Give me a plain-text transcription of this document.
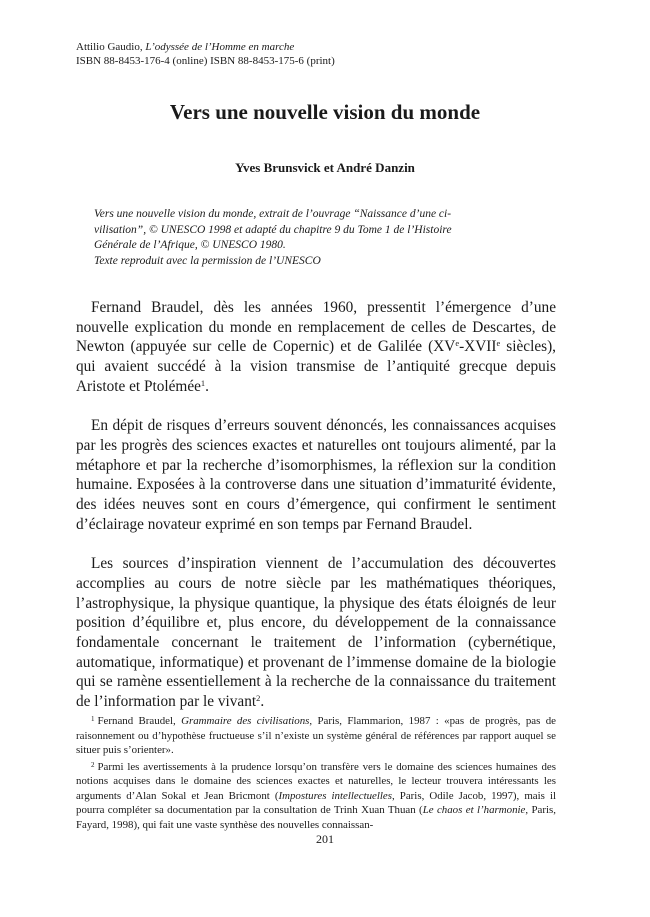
Attilio Gaudio, L’odyssée de l’Homme en marche
ISBN 88-8453-176-4 (online) ISBN 88-8453-175-6 (print)
Vers une nouvelle vision du monde
Yves Brunsvick et André Danzin
Vers une nouvelle vision du monde, extrait de l’ouvrage “Naissance d’une ci-
vilisation”, © UNESCO 1998 et adapté du chapitre 9 du Tome 1 de l’Histoire
Générale de l’Afrique, © UNESCO 1980.
Texte reproduit avec la permission de l’UNESCO

Fernand Braudel, dès les années 1960, pressentit l’émergence d’une nouvelle explication du monde en remplacement de celles de Descartes, de Newton (appuyée sur celle de Copernic) et de Galilée (XVe-XVIIe siècles), qui avaient succédé à la vision transmise de l’antiquité grecque depuis Aristote et Ptolémée$^1$.

En dépit de risques d’erreurs souvent dénoncés, les connaissances acquises par les progrès des sciences exactes et naturelles ont toujours alimenté, par la métaphore et par la recherche d’isomorphismes, la réflexion sur la condition humaine. Exposées à la controverse dans une situation d’immaturité évidente, des idées neuves sont en cours d’émergence, qui confirment le sentiment d’éclairage novateur exprimé en son temps par Fernand Braudel.

Les sources d’inspiration viennent de l’accumulation des découvertes accomplies au cours de notre siècle par les mathématiques théoriques, l’astrophysique, la physique quantique, la physique des états éloignés de leur position d’équilibre et, plus encore, du développement de la connaissance fondamentale concernant le traitement de l’information (cybernétique, automatique, informatique) et provenant de l’immense domaine de la biologie qui se ramène essentiellement à la recherche de la connaissance du traitement de l’information par le vivant$^2$.

$^1$ Fernand Braudel, Grammaire des civilisations, Paris, Flammarion, 1987 : «pas de progrès, pas de raisonnement ou d’hypothèse fructueuse s’il n’existe un système général de références par rapport auquel se situer puis s’orienter».

$^2$ Parmi les avertissements à la prudence lorsqu’on transfère vers le domaine des sciences humaines des notions acquises dans le domaine des sciences exactes et naturelles, le lecteur trouvera intéressants les arguments d’Alan Sokal et Jean Bricmont (Impostures intellectuelles, Paris, Odile Jacob, 1997), mais il pourra compléter sa documentation par la consultation de Trinh Xuan Thuan (Le chaos et l’harmonie, Paris, Fayard, 1998), qui fait une vaste synthèse des nouvelles connaissan-

201
